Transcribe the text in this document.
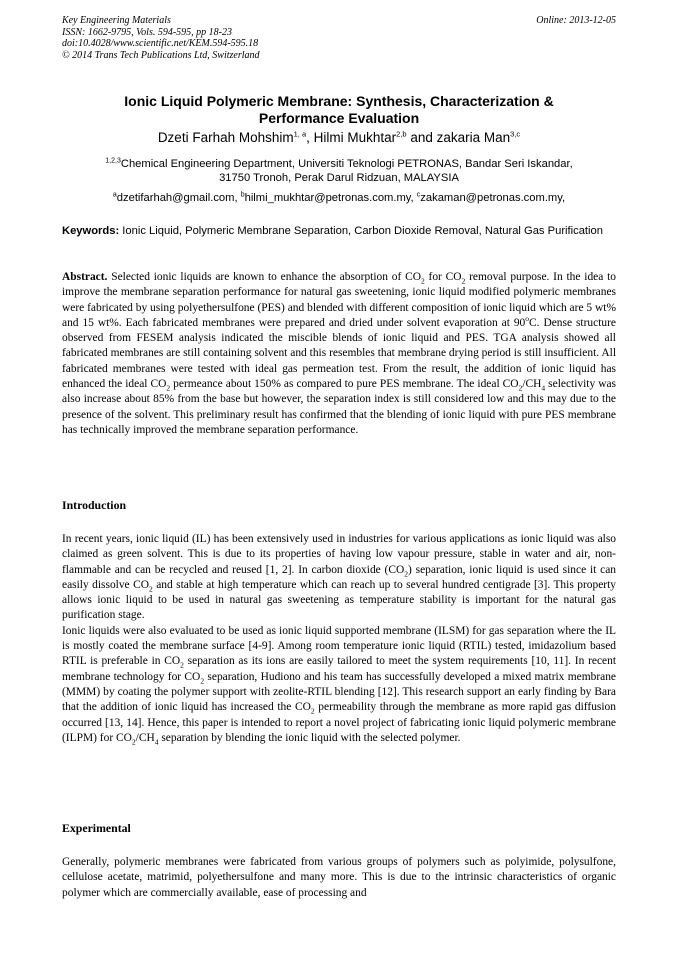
Key Engineering Materials
ISSN: 1662-9795, Vols. 594-595, pp 18-23
doi:10.4028/www.scientific.net/KEM.594-595.18
© 2014 Trans Tech Publications Ltd, Switzerland
Online: 2013-12-05
Ionic Liquid Polymeric Membrane: Synthesis, Characterization &
Performance Evaluation
Dzeti Farhah Mohshim$^{1, a}$, Hilmi Mukhtar$^{2,b}$ and zakaria Man$^{3,c}$
$^{1,2,3}$Chemical Engineering Department, Universiti Teknologi PETRONAS, Bandar Seri Iskandar,
31750 Tronoh, Perak Darul Ridzuan, MALAYSIA
$^a$dzetifarhah@gmail.com, $^b$hilmi_mukhtar@petronas.com.my, $^c$zakaman@petronas.com.my,
Keywords: Ionic Liquid, Polymeric Membrane Separation, Carbon Dioxide Removal, Natural Gas Purification

Abstract. Selected ionic liquids are known to enhance the absorption of $CO_2$ for $CO_2$ removal purpose. In the idea to improve the membrane separation performance for natural gas sweetening, ionic liquid modified polymeric membranes were fabricated by using polyethersulfone (PES) and blended with different composition of ionic liquid which are 5 wt% and 15 wt%. Each fabricated membranes were prepared and dried under solvent evaporation at 90$^o$C. Dense structure observed from FESEM analysis indicated the miscible blends of ionic liquid and PES. TGA analysis showed all fabricated membranes are still containing solvent and this resembles that membrane drying period is still insufficient. All fabricated membranes were tested with ideal gas permeation test. From the result, the addition of ionic liquid has enhanced the ideal $CO_2$ permeance about 150% as compared to pure PES membrane. The ideal $CO_2/CH_4$ selectivity was also increase about 85% from the base but however, the separation index is still considered low and this may due to the presence of the solvent. This preliminary result has confirmed that the blending of ionic liquid with pure PES membrane has technically improved the membrane separation performance.

Introduction

In recent years, ionic liquid (IL) has been extensively used in industries for various applications as ionic liquid was also claimed as green solvent. This is due to its properties of having low vapour pressure, stable in water and air, non-flammable and can be recycled and reused [1, 2]. In carbon dioxide $(CO_2)$ separation, ionic liquid is used since it can easily dissolve $CO_2$ and stable at high temperature which can reach up to several hundred centigrade [3]. This property allows ionic liquid to be used in natural gas sweetening as temperature stability is important for the natural gas purification stage.

Ionic liquids were also evaluated to be used as ionic liquid supported membrane (ILSM) for gas separation where the IL is mostly coated the membrane surface [4-9]. Among room temperature ionic liquid (RTIL) tested, imidazolium based RTIL is preferable in $CO_2$ separation as its ions are easily tailored to meet the system requirements [10, 11]. In recent membrane technology for $CO_2$ separation, Hudiono and his team has successfully developed a mixed matrix membrane (MMM) by coating the polymer support with zeolite-RTIL blending [12]. This research support an early finding by Bara that the addition of ionic liquid has increased the $CO_2$ permeability through the membrane as more rapid gas diffusion occurred [13, 14]. Hence, this paper is intended to report a novel project of fabricating ionic liquid polymeric membrane (ILPM) for $CO_2/CH_4$ separation by blending the ionic liquid with the selected polymer.

Experimental

Generally, polymeric membranes were fabricated from various groups of polymers such as polyimide, polysulfone, cellulose acetate, matrimid, polyethersulfone and many more. This is due to the intrinsic characteristics of organic polymer which are commercially available, ease of processing and
